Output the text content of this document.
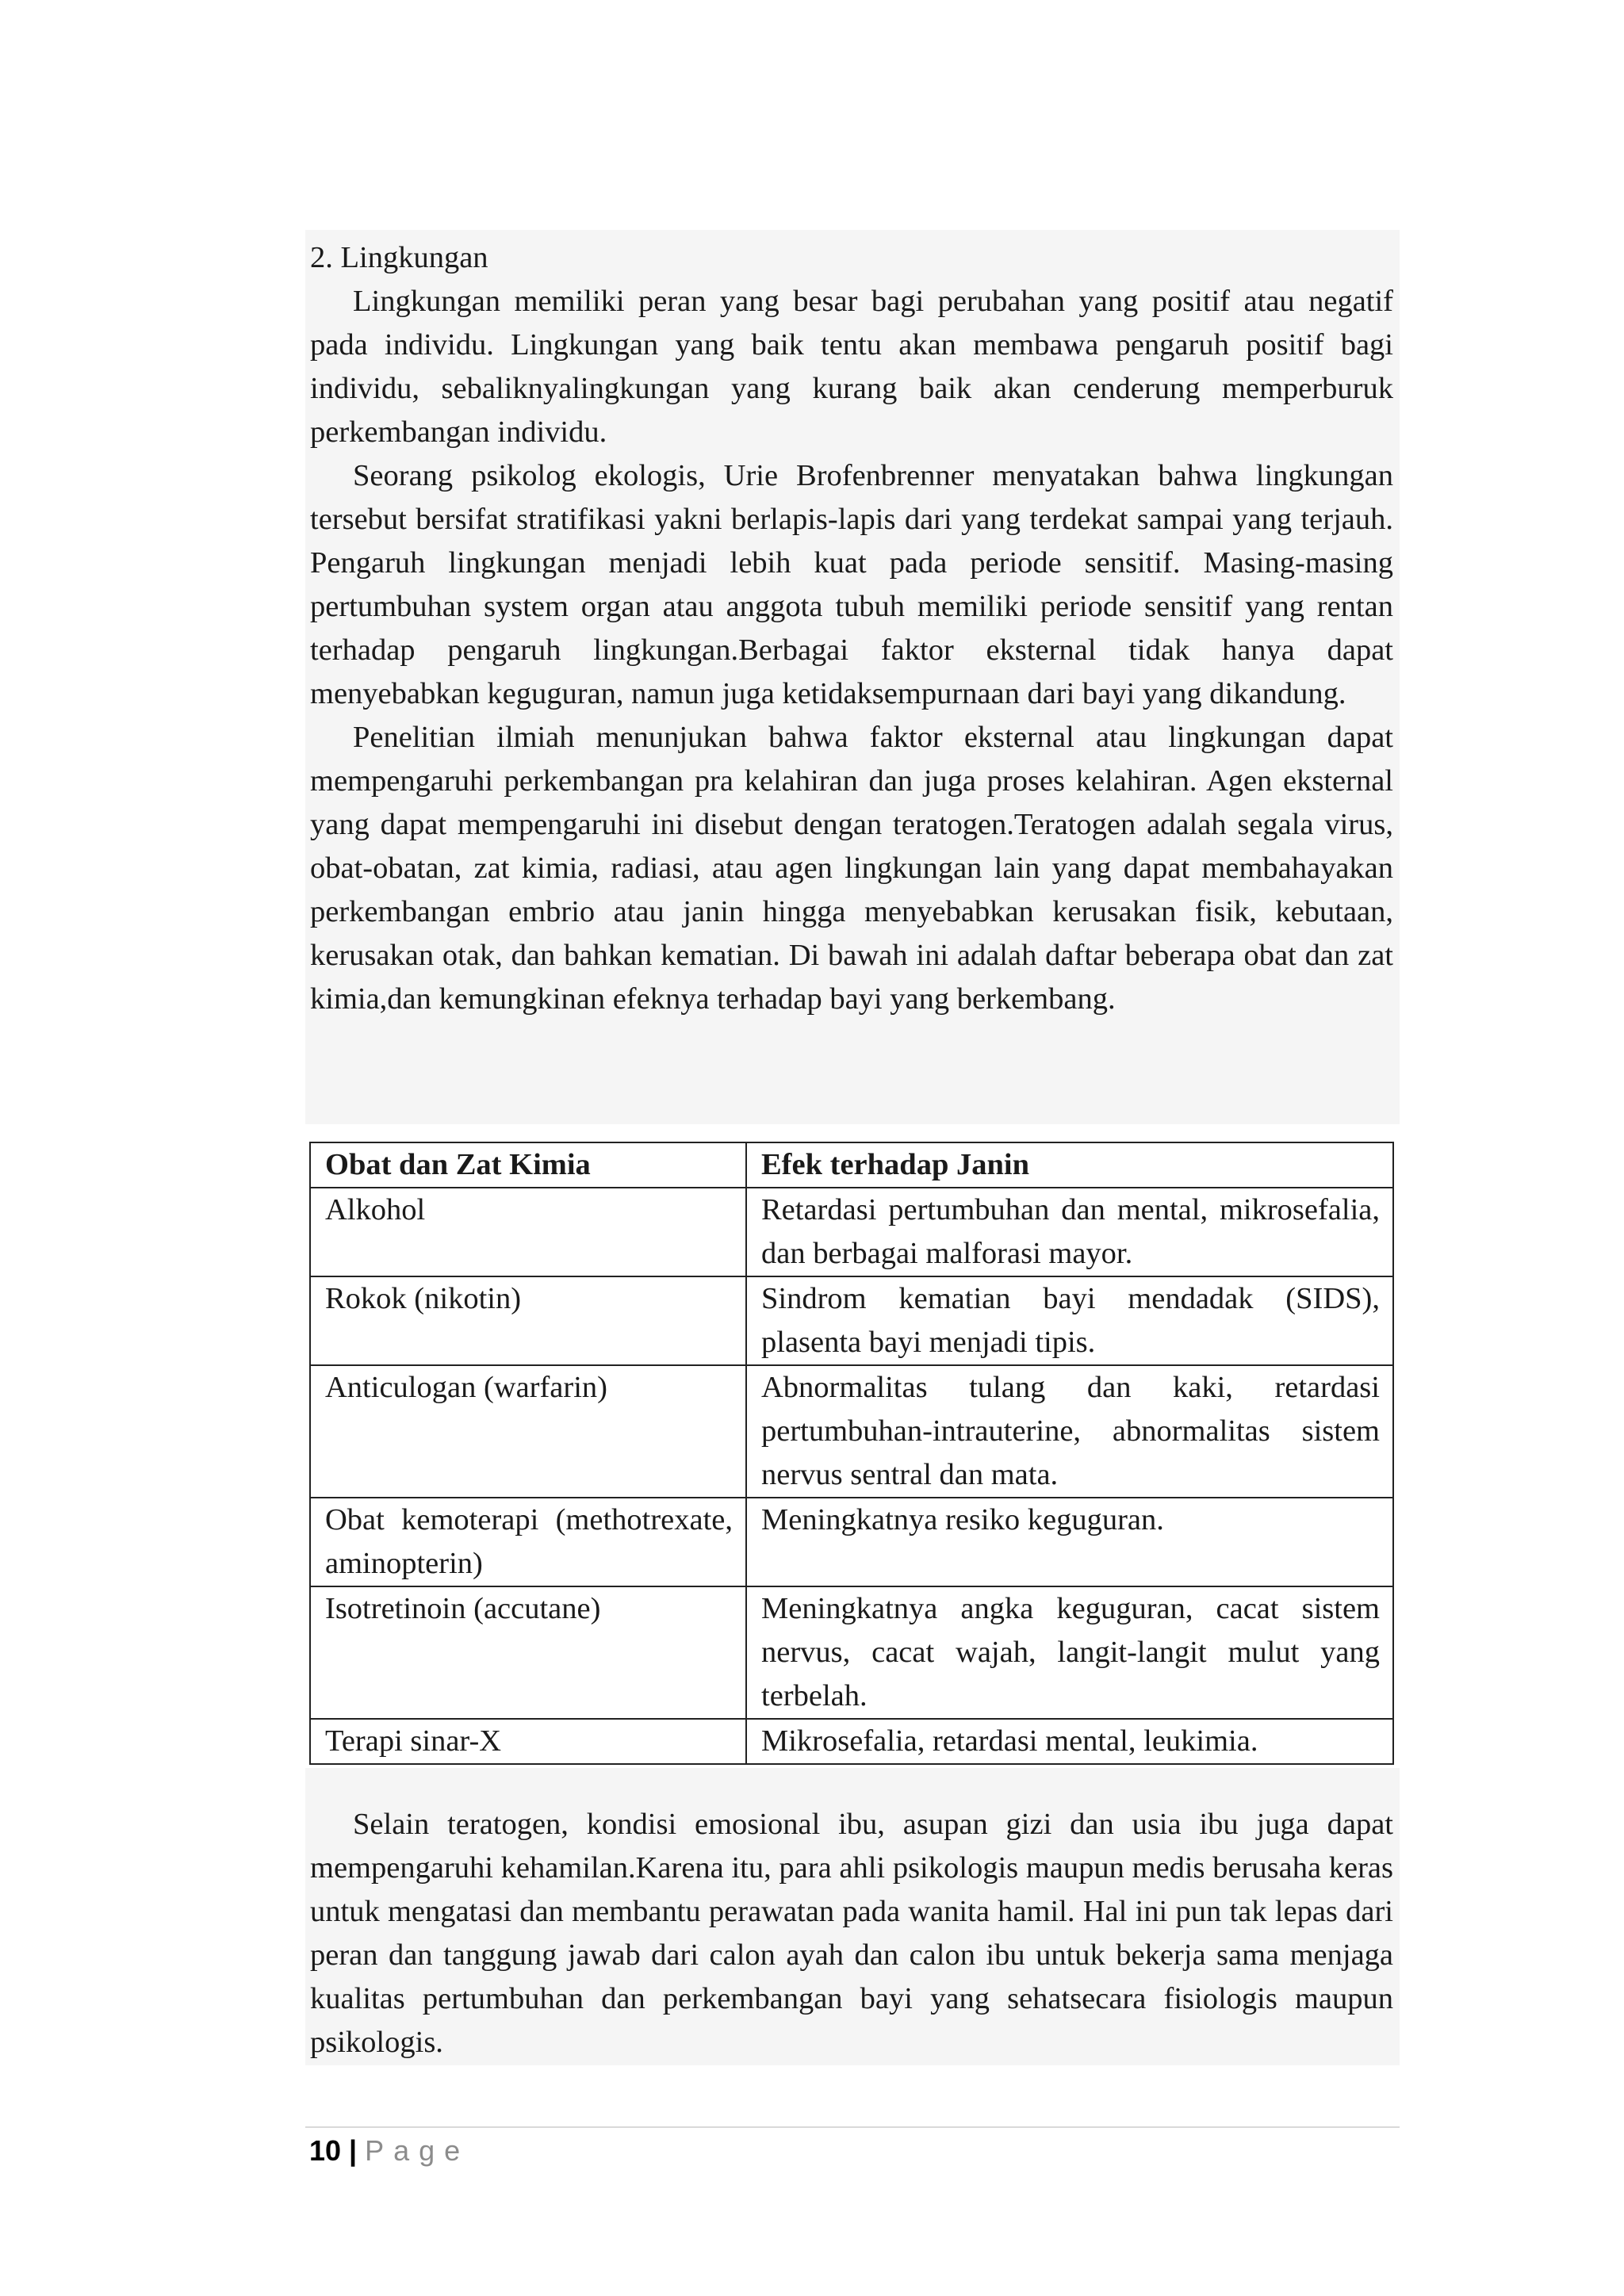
2. Lingkungan

Lingkungan memiliki peran yang besar bagi perubahan yang positif atau negatif pada individu. Lingkungan yang baik tentu akan membawa pengaruh positif bagi individu, sebaliknyalingkungan yang kurang baik akan cenderung memperburuk perkembangan individu.

Seorang psikolog ekologis, Urie Brofenbrenner menyatakan bahwa lingkungan tersebut bersifat stratifikasi yakni berlapis-lapis dari yang terdekat sampai yang terjauh. Pengaruh lingkungan menjadi lebih kuat pada periode sensitif. Masing-masing pertumbuhan system organ atau anggota tubuh memiliki periode sensitif yang rentan terhadap pengaruh lingkungan.Berbagai faktor eksternal tidak hanya dapat menyebabkan keguguran, namun juga ketidaksempurnaan dari bayi yang dikandung.

Penelitian ilmiah menunjukan bahwa faktor eksternal atau lingkungan dapat mempengaruhi perkembangan pra kelahiran dan juga proses kelahiran. Agen eksternal yang dapat mempengaruhi ini disebut dengan teratogen.Teratogen adalah segala virus, obat-obatan, zat kimia, radiasi, atau agen lingkungan lain yang dapat membahayakan perkembangan embrio atau janin hingga menyebabkan kerusakan fisik, kebutaan, kerusakan otak, dan bahkan kematian. Di bawah ini adalah daftar beberapa obat dan zat kimia,dan kemungkinan efeknya terhadap bayi yang berkembang.

Obat dan Zat Kimia	Efek terhadap Janin
Alkohol	Retardasi pertumbuhan dan mental, mikrosefalia, dan berbagai malforasi mayor.
Rokok (nikotin)	Sindrom kematian bayi mendadak (SIDS), plasenta bayi menjadi tipis.
Anticulogan (warfarin)	Abnormalitas tulang dan kaki, retardasi pertumbuhan-intrauterine, abnormalitas sistem nervus sentral dan mata.
Obat kemoterapi (methotrexate, aminopterin)	Meningkatnya resiko keguguran.
Isotretinoin (accutane)	Meningkatnya angka keguguran, cacat sistem nervus, cacat wajah, langit-langit mulut yang terbelah.
Terapi sinar-X	Mikrosefalia, retardasi mental, leukimia.

Selain teratogen, kondisi emosional ibu, asupan gizi dan usia ibu juga dapat mempengaruhi kehamilan.Karena itu, para ahli psikologis maupun medis berusaha keras untuk mengatasi dan membantu perawatan pada wanita hamil. Hal ini pun tak lepas dari peran dan tanggung jawab dari calon ayah dan calon ibu untuk bekerja sama menjaga kualitas pertumbuhan dan perkembangan bayi yang sehatsecara fisiologis maupun psikologis.

10 | Page
